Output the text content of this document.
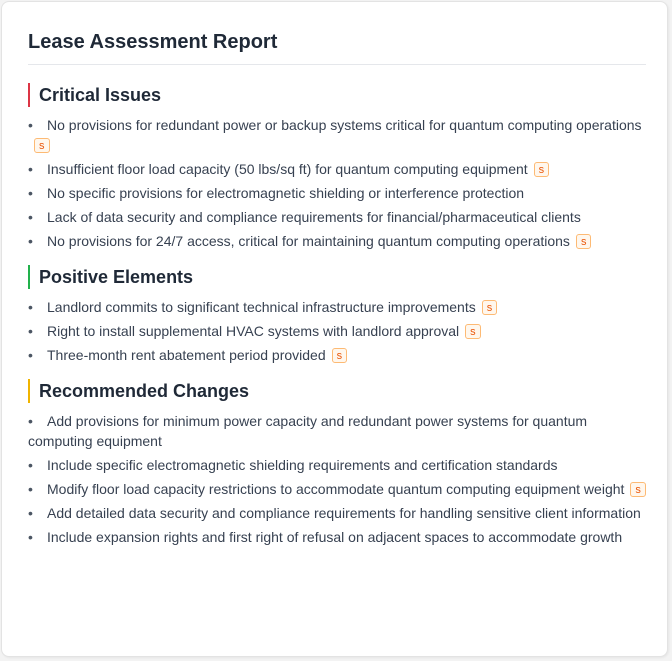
Lease Assessment Report
Critical Issues
• No provisions for redundant power or backup systems critical for quantum computing operationss
• Insufficient floor load capacity (50 lbs/sq ft) for quantum computing equipment s
• No specific provisions for electromagnetic shielding or interference protection
• Lack of data security and compliance requirements for financial/pharmaceutical clients
• No provisions for 24/7 access, critical for maintaining quantum computing operations s
Positive Elements
• Landlord commits to significant technical infrastructure improvements s
• Right to install supplemental HVAC systems with landlord approval s
• Three-month rent abatement period provided s
Recommended Changes
• Add provisions for minimum power capacity and redundant power systems for quantum computing equipment
• Include specific electromagnetic shielding requirements and certification standards
• Modify floor load capacity restrictions to accommodate quantum computing equipment weight s
• Add detailed data security and compliance requirements for handling sensitive client information
• Include expansion rights and first right of refusal on adjacent spaces to accommodate growth
